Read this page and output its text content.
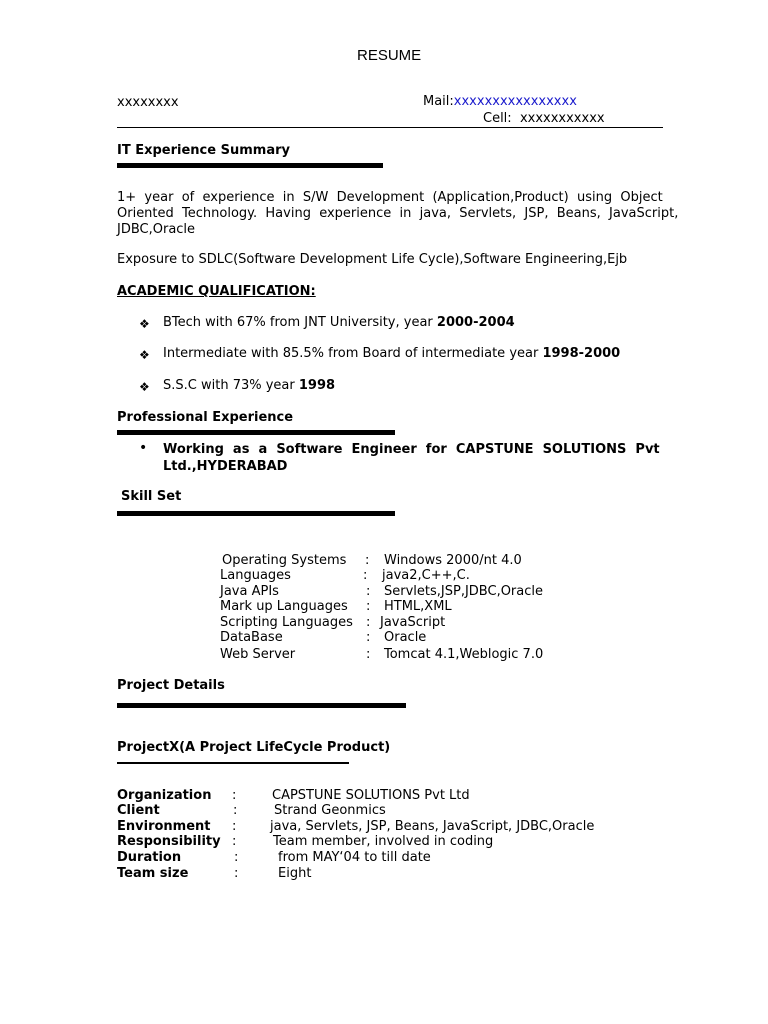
RESUME
xxxxxxxx	Mail:xxxxxxxxxxxxxxxx
Cell: xxxxxxxxxxx
IT Experience Summary
1+  year  of  experience  in  S/W  Development  (Application,Product)  using  Object
Oriented  Technology.  Having  experience  in  java,  Servlets,  JSP,  Beans,  JavaScript,
JDBC,Oracle
Exposure to SDLC(Software Development Life Cycle),Software Engineering,Ejb
ACADEMIC QUALIFICATION:
❖ BTech with 67% from JNT University, year 2000-2004
❖ Intermediate with 85.5% from Board of intermediate year 1998-2000
❖ S.S.C with 73% year 1998
Professional Experience
• Working  as  a  Software  Engineer  for  CAPSTUNE  SOLUTIONS  Pvt
Ltd.,HYDERABAD
Skill Set
Operating Systems : Windows 2000/nt 4.0
Languages	: java2,C++,C.
Java APIs	: Servlets,JSP,JDBC,Oracle
Mark up Languages : HTML,XML
Scripting Languages : JavaScript
DataBase	: Oracle
Web Server	: Tomcat 4.1,Weblogic 7.0
Project Details
ProjectX(A Project LifeCycle Product)
Organization :	CAPSTUNE SOLUTIONS Pvt Ltd
Client	:	Strand Geonmics
Environment :	java, Servlets, JSP, Beans, JavaScript, JDBC,Oracle
Responsibility :	Team member, involved in coding
Duration	:	from MAY‘04 to till date
Team size	:	Eight
